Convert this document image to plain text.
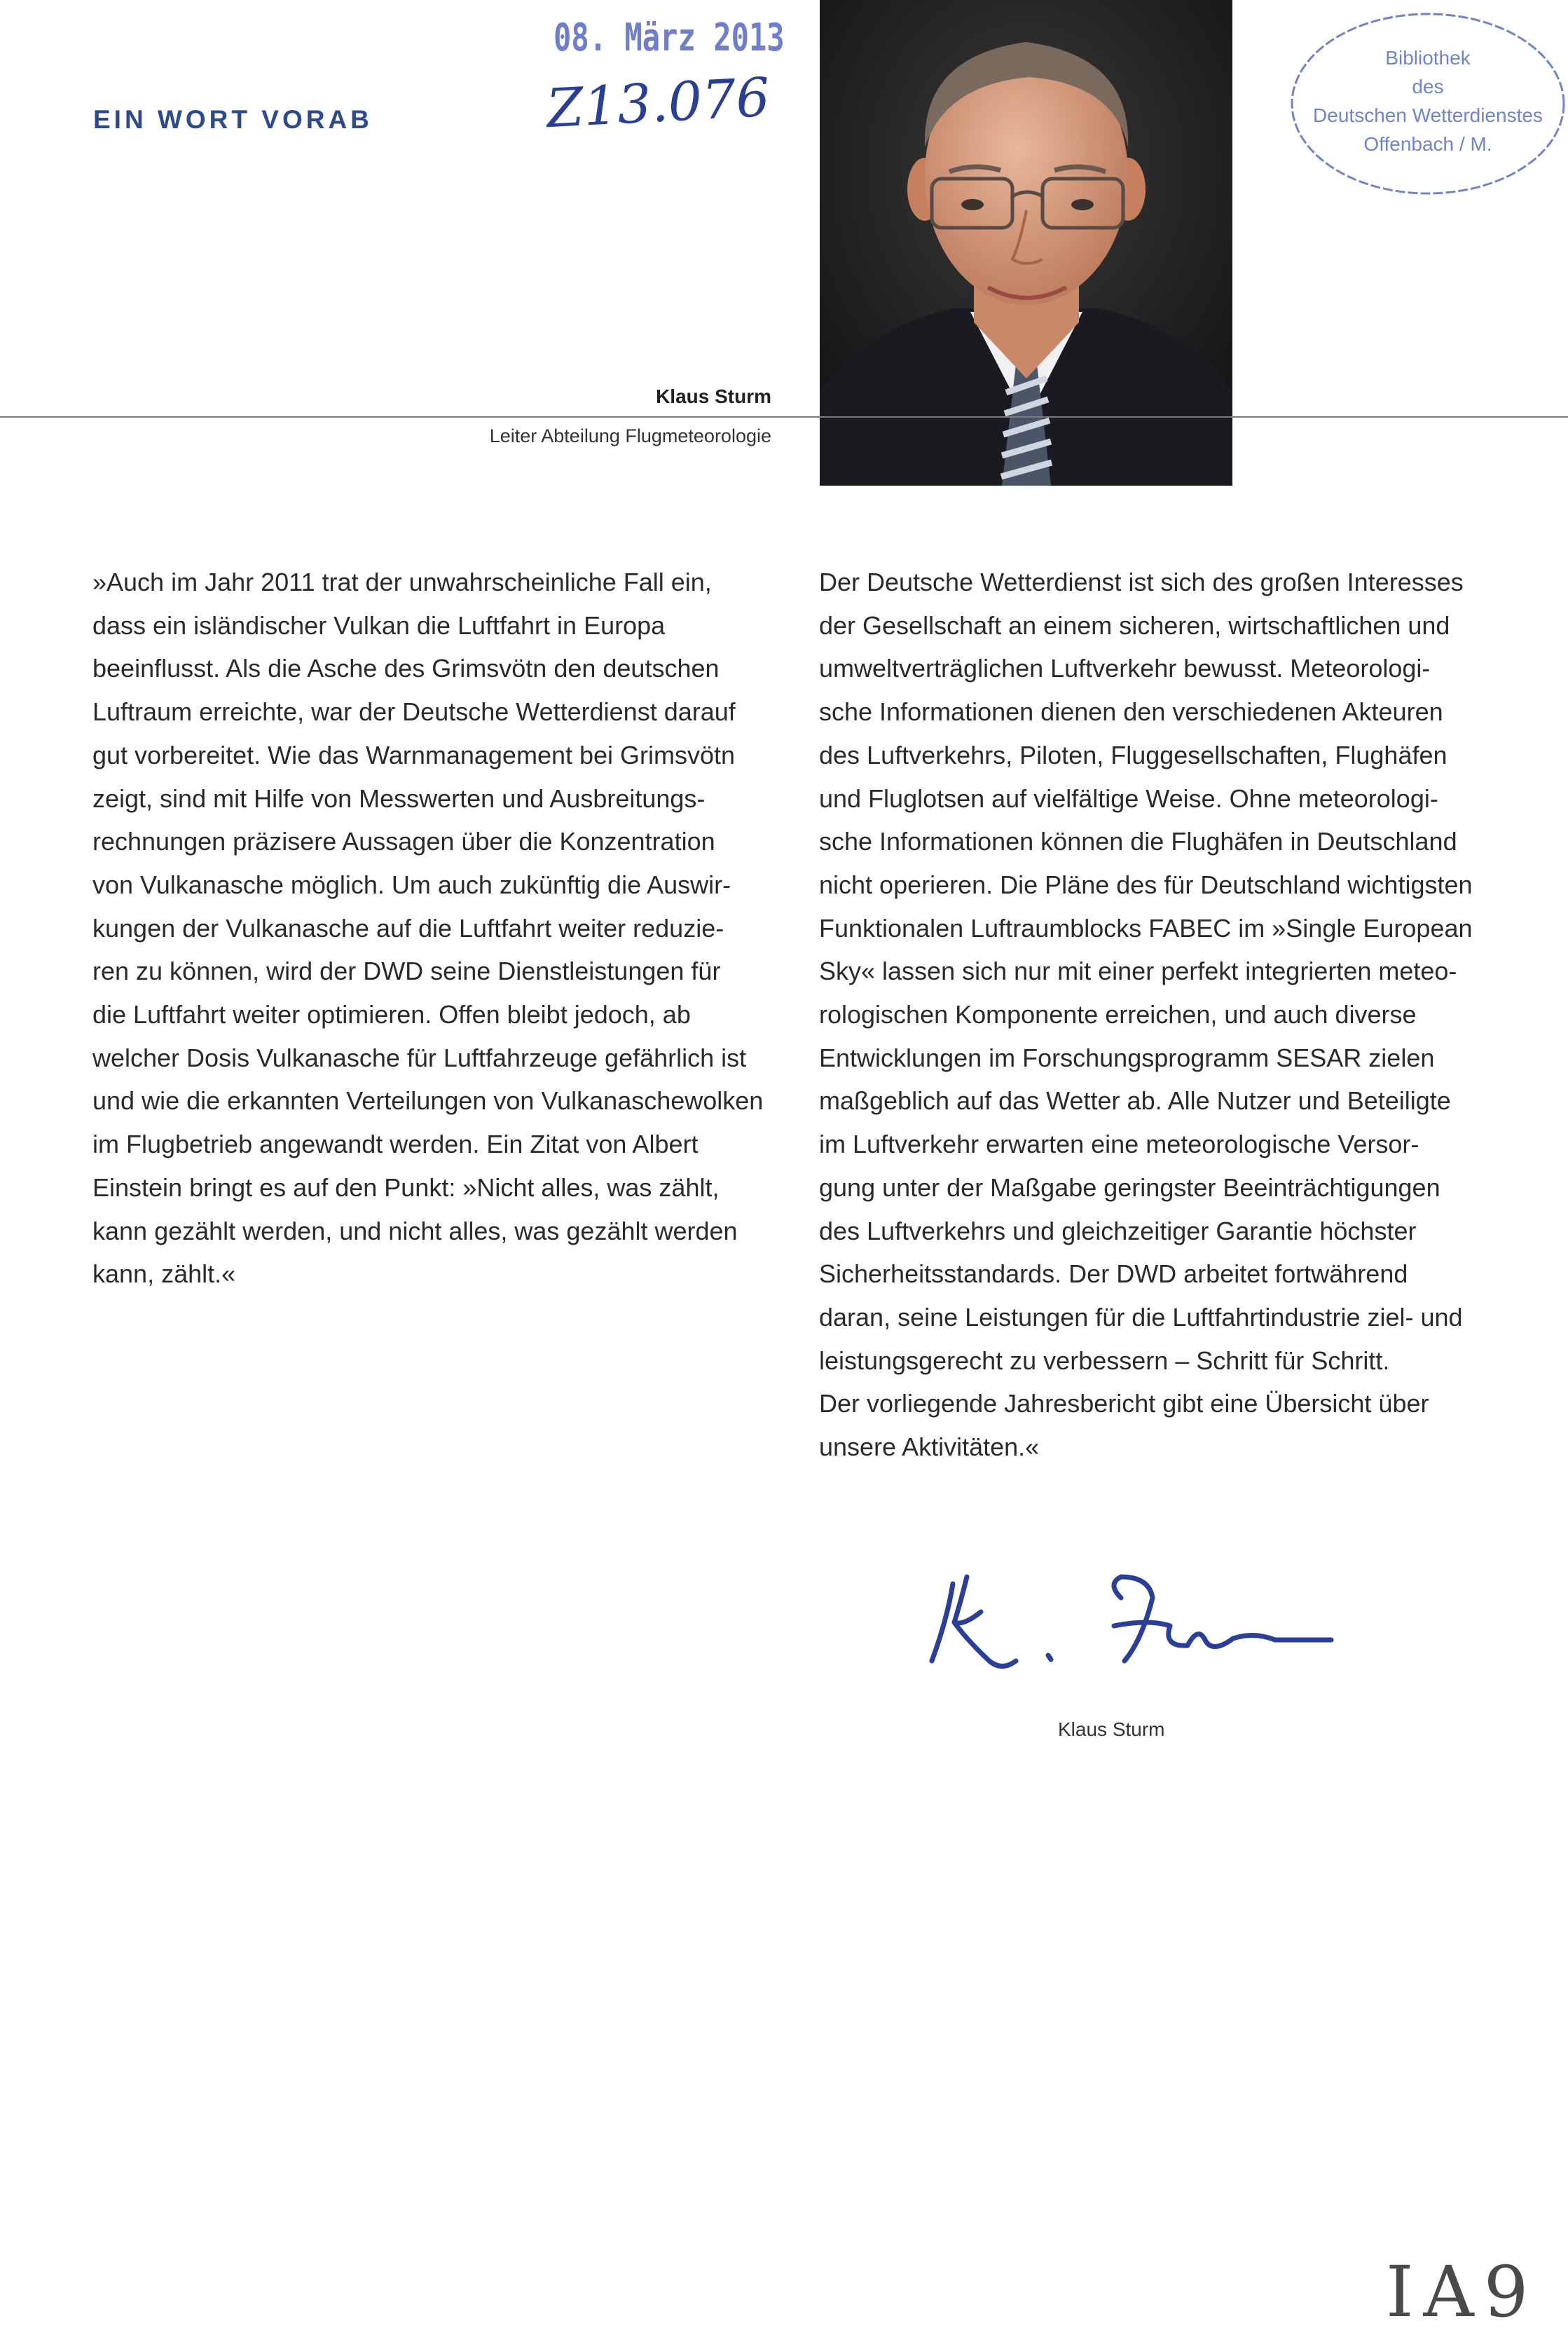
EIN WORT VORAB
08. März 2013
Z13.076
Bibliothek
des
Deutschen Wetterdienstes
Offenbach / M.
Klaus Sturm
Leiter Abteilung Flugmeteorologie
»Auch im Jahr 2011 trat der unwahrscheinliche Fall ein,
dass ein isländischer Vulkan die Luftfahrt in Europa
beeinflusst. Als die Asche des Grimsvötn den deutschen
Luftraum erreichte, war der Deutsche Wetterdienst darauf
gut vorbereitet. Wie das Warnmanagement bei Grimsvötn
zeigt, sind mit Hilfe von Messwerten und Ausbreitungs-
rechnungen präzisere Aussagen über die Konzentration
von Vulkanasche möglich. Um auch zukünftig die Auswir-
kungen der Vulkanasche auf die Luftfahrt weiter reduzie-
ren zu können, wird der DWD seine Dienstleistungen für
die Luftfahrt weiter optimieren. Offen bleibt jedoch, ab
welcher Dosis Vulkanasche für Luftfahrzeuge gefährlich ist
und wie die erkannten Verteilungen von Vulkanaschewolken
im Flugbetrieb angewandt werden. Ein Zitat von Albert
Einstein bringt es auf den Punkt: »Nicht alles, was zählt,
kann gezählt werden, und nicht alles, was gezählt werden
kann, zählt.«
Der Deutsche Wetterdienst ist sich des großen Interesses
der Gesellschaft an einem sicheren, wirtschaftlichen und
umweltverträglichen Luftverkehr bewusst. Meteorologi-
sche Informationen dienen den verschiedenen Akteuren
des Luftverkehrs, Piloten, Fluggesellschaften, Flughäfen
und Fluglotsen auf vielfältige Weise. Ohne meteorologi-
sche Informationen können die Flughäfen in Deutschland
nicht operieren. Die Pläne des für Deutschland wichtigsten
Funktionalen Luftraumblocks FABEC im »Single European
Sky« lassen sich nur mit einer perfekt integrierten meteo-
rologischen Komponente erreichen, und auch diverse
Entwicklungen im Forschungsprogramm SESAR zielen
maßgeblich auf das Wetter ab. Alle Nutzer und Beteiligte
im Luftverkehr erwarten eine meteorologische Versor-
gung unter der Maßgabe geringster Beeinträchtigungen
des Luftverkehrs und gleichzeitiger Garantie höchster
Sicherheitsstandards. Der DWD arbeitet fortwährend
daran, seine Leistungen für die Luftfahrtindustrie ziel- und
leistungsgerecht zu verbessern – Schritt für Schritt.
Der vorliegende Jahresbericht gibt eine Übersicht über
unsere Aktivitäten.«
Klaus Sturm
IA9
